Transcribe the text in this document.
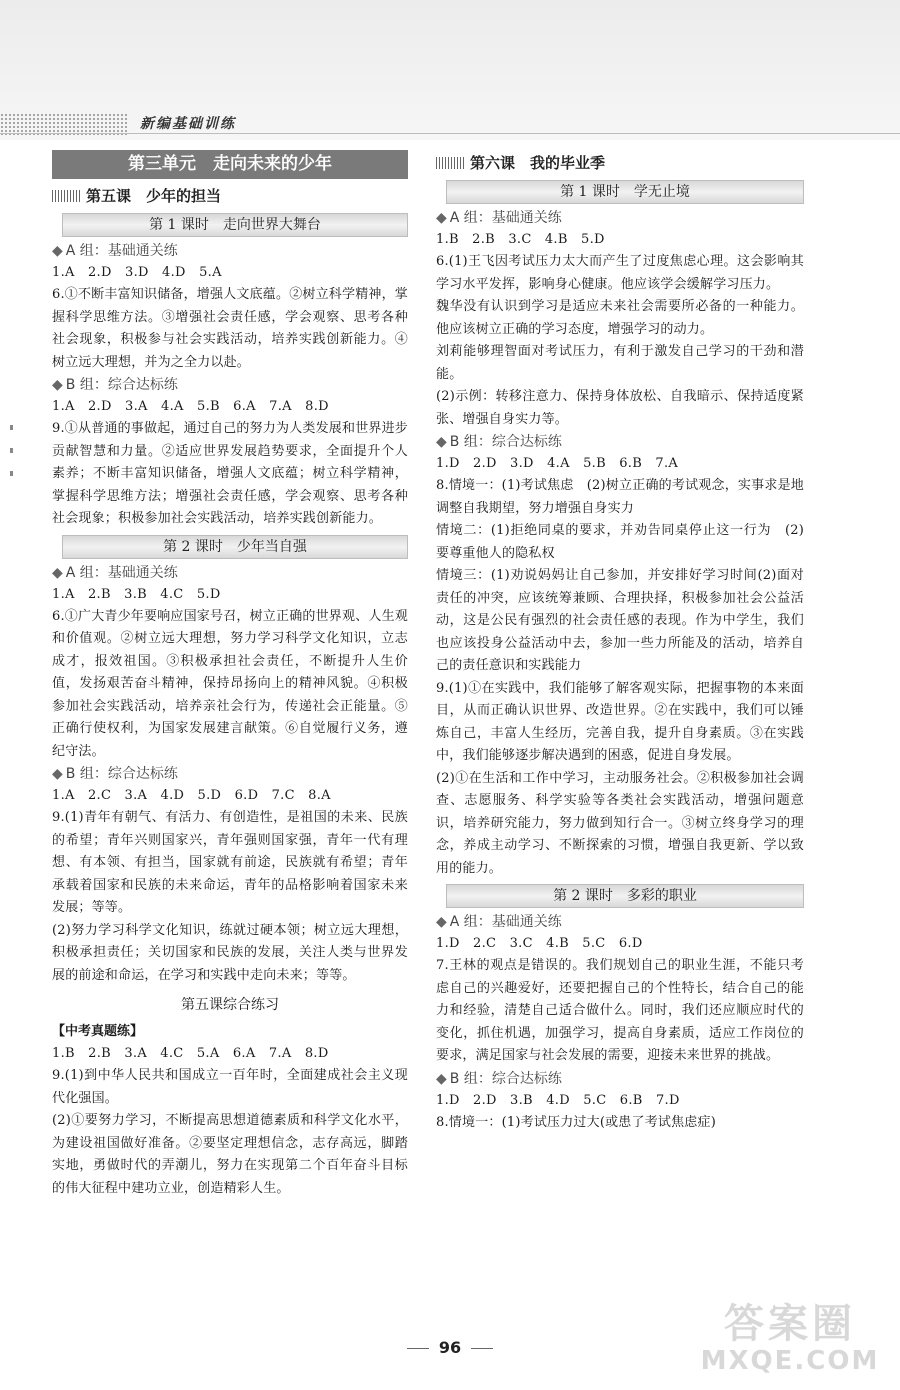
新编基础训练
第三单元　走向未来的少年
第五课　少年的担当
第 1 课时　走向世界大舞台
◆ A 组：基础通关练
1.A　2.D　3.D　4.D　5.A
6.①不断丰富知识储备，增强人文底蕴。②树立科学精神，掌握科学思维方法。③增强社会责任感，学会观察、思考各种社会现象，积极参与社会实践活动，培养实践创新能力。④树立远大理想，并为之全力以赴。
◆ B 组：综合达标练
1.A　2.D　3.A　4.A　5.B　6.A　7.A　8.D
9.①从普通的事做起，通过自己的努力为人类发展和世界进步贡献智慧和力量。②适应世界发展趋势要求，全面提升个人素养；不断丰富知识储备，增强人文底蕴；树立科学精神，掌握科学思维方法；增强社会责任感，学会观察、思考各种社会现象；积极参加社会实践活动，培养实践创新能力。
第 2 课时　少年当自强
◆ A 组：基础通关练
1.A　2.B　3.B　4.C　5.D
6.①广大青少年要响应国家号召，树立正确的世界观、人生观和价值观。②树立远大理想，努力学习科学文化知识，立志成才，报效祖国。③积极承担社会责任，不断提升人生价值，发扬艰苦奋斗精神，保持昂扬向上的精神风貌。④积极参加社会实践活动，培养亲社会行为，传递社会正能量。⑤正确行使权利，为国家发展建言献策。⑥自觉履行义务，遵纪守法。
◆ B 组：综合达标练
1.A　2.C　3.A　4.D　5.D　6.D　7.C　8.A
9.(1)青年有朝气、有活力、有创造性，是祖国的未来、民族的希望；青年兴则国家兴，青年强则国家强，青年一代有理想、有本领、有担当，国家就有前途，民族就有希望；青年承载着国家和民族的未来命运，青年的品格影响着国家未来发展；等等。
(2)努力学习科学文化知识，练就过硬本领；树立远大理想，积极承担责任；关切国家和民族的发展，关注人类与世界发展的前途和命运，在学习和实践中走向未来；等等。
第五课综合练习
【中考真题练】
1.B　2.B　3.A　4.C　5.A　6.A　7.A　8.D
9.(1)到中华人民共和国成立一百年时，全面建成社会主义现代化强国。
(2)①要努力学习，不断提高思想道德素质和科学文化水平，为建设祖国做好准备。②要坚定理想信念，志存高远，脚踏实地，勇做时代的弄潮儿，努力在实现第二个百年奋斗目标的伟大征程中建功立业，创造精彩人生。
第六课　我的毕业季
第 1 课时　学无止境
◆ A 组：基础通关练
1.B　2.B　3.C　4.B　5.D
6.(1)王飞因考试压力太大而产生了过度焦虑心理。这会影响其学习水平发挥，影响身心健康。他应该学会缓解学习压力。
魏华没有认识到学习是适应未来社会需要所必备的一种能力。他应该树立正确的学习态度，增强学习的动力。
刘莉能够理智面对考试压力，有利于激发自己学习的干劲和潜能。
(2)示例：转移注意力、保持身体放松、自我暗示、保持适度紧张、增强自身实力等。
◆ B 组：综合达标练
1.D　2.D　3.D　4.A　5.B　6.B　7.A
8.情境一：(1)考试焦虑　(2)树立正确的考试观念，实事求是地调整自我期望，努力增强自身实力
情境二：(1)拒绝同桌的要求，并劝告同桌停止这一行为　(2)要尊重他人的隐私权
情境三：(1)劝说妈妈让自己参加，并安排好学习时间(2)面对责任的冲突，应该统筹兼顾、合理抉择，积极参加社会公益活动，这是公民有强烈的社会责任感的表现。作为中学生，我们也应该投身公益活动中去，参加一些力所能及的活动，培养自己的责任意识和实践能力
9.(1)①在实践中，我们能够了解客观实际，把握事物的本来面目，从而正确认识世界、改造世界。②在实践中，我们可以锤炼自己，丰富人生经历，完善自我，提升自身素质。③在实践中，我们能够逐步解决遇到的困惑，促进自身发展。
(2)①在生活和工作中学习，主动服务社会。②积极参加社会调查、志愿服务、科学实验等各类社会实践活动，增强问题意识，培养研究能力，努力做到知行合一。③树立终身学习的理念，养成主动学习、不断探索的习惯，增强自我更新、学以致用的能力。
第 2 课时　多彩的职业
◆ A 组：基础通关练
1.D　2.C　3.C　4.B　5.C　6.D
7.王林的观点是错误的。我们规划自己的职业生涯，不能只考虑自己的兴趣爱好，还要把握自己的个性特长，结合自己的能力和经验，清楚自己适合做什么。同时，我们还应顺应时代的变化，抓住机遇，加强学习，提高自身素质，适应工作岗位的要求，满足国家与社会发展的需要，迎接未来世界的挑战。
◆ B 组：综合达标练
1.D　2.D　3.B　4.D　5.C　6.B　7.D
8.情境一：(1)考试压力过大(或患了考试焦虑症)
96
答案圈
MXQE.COM
